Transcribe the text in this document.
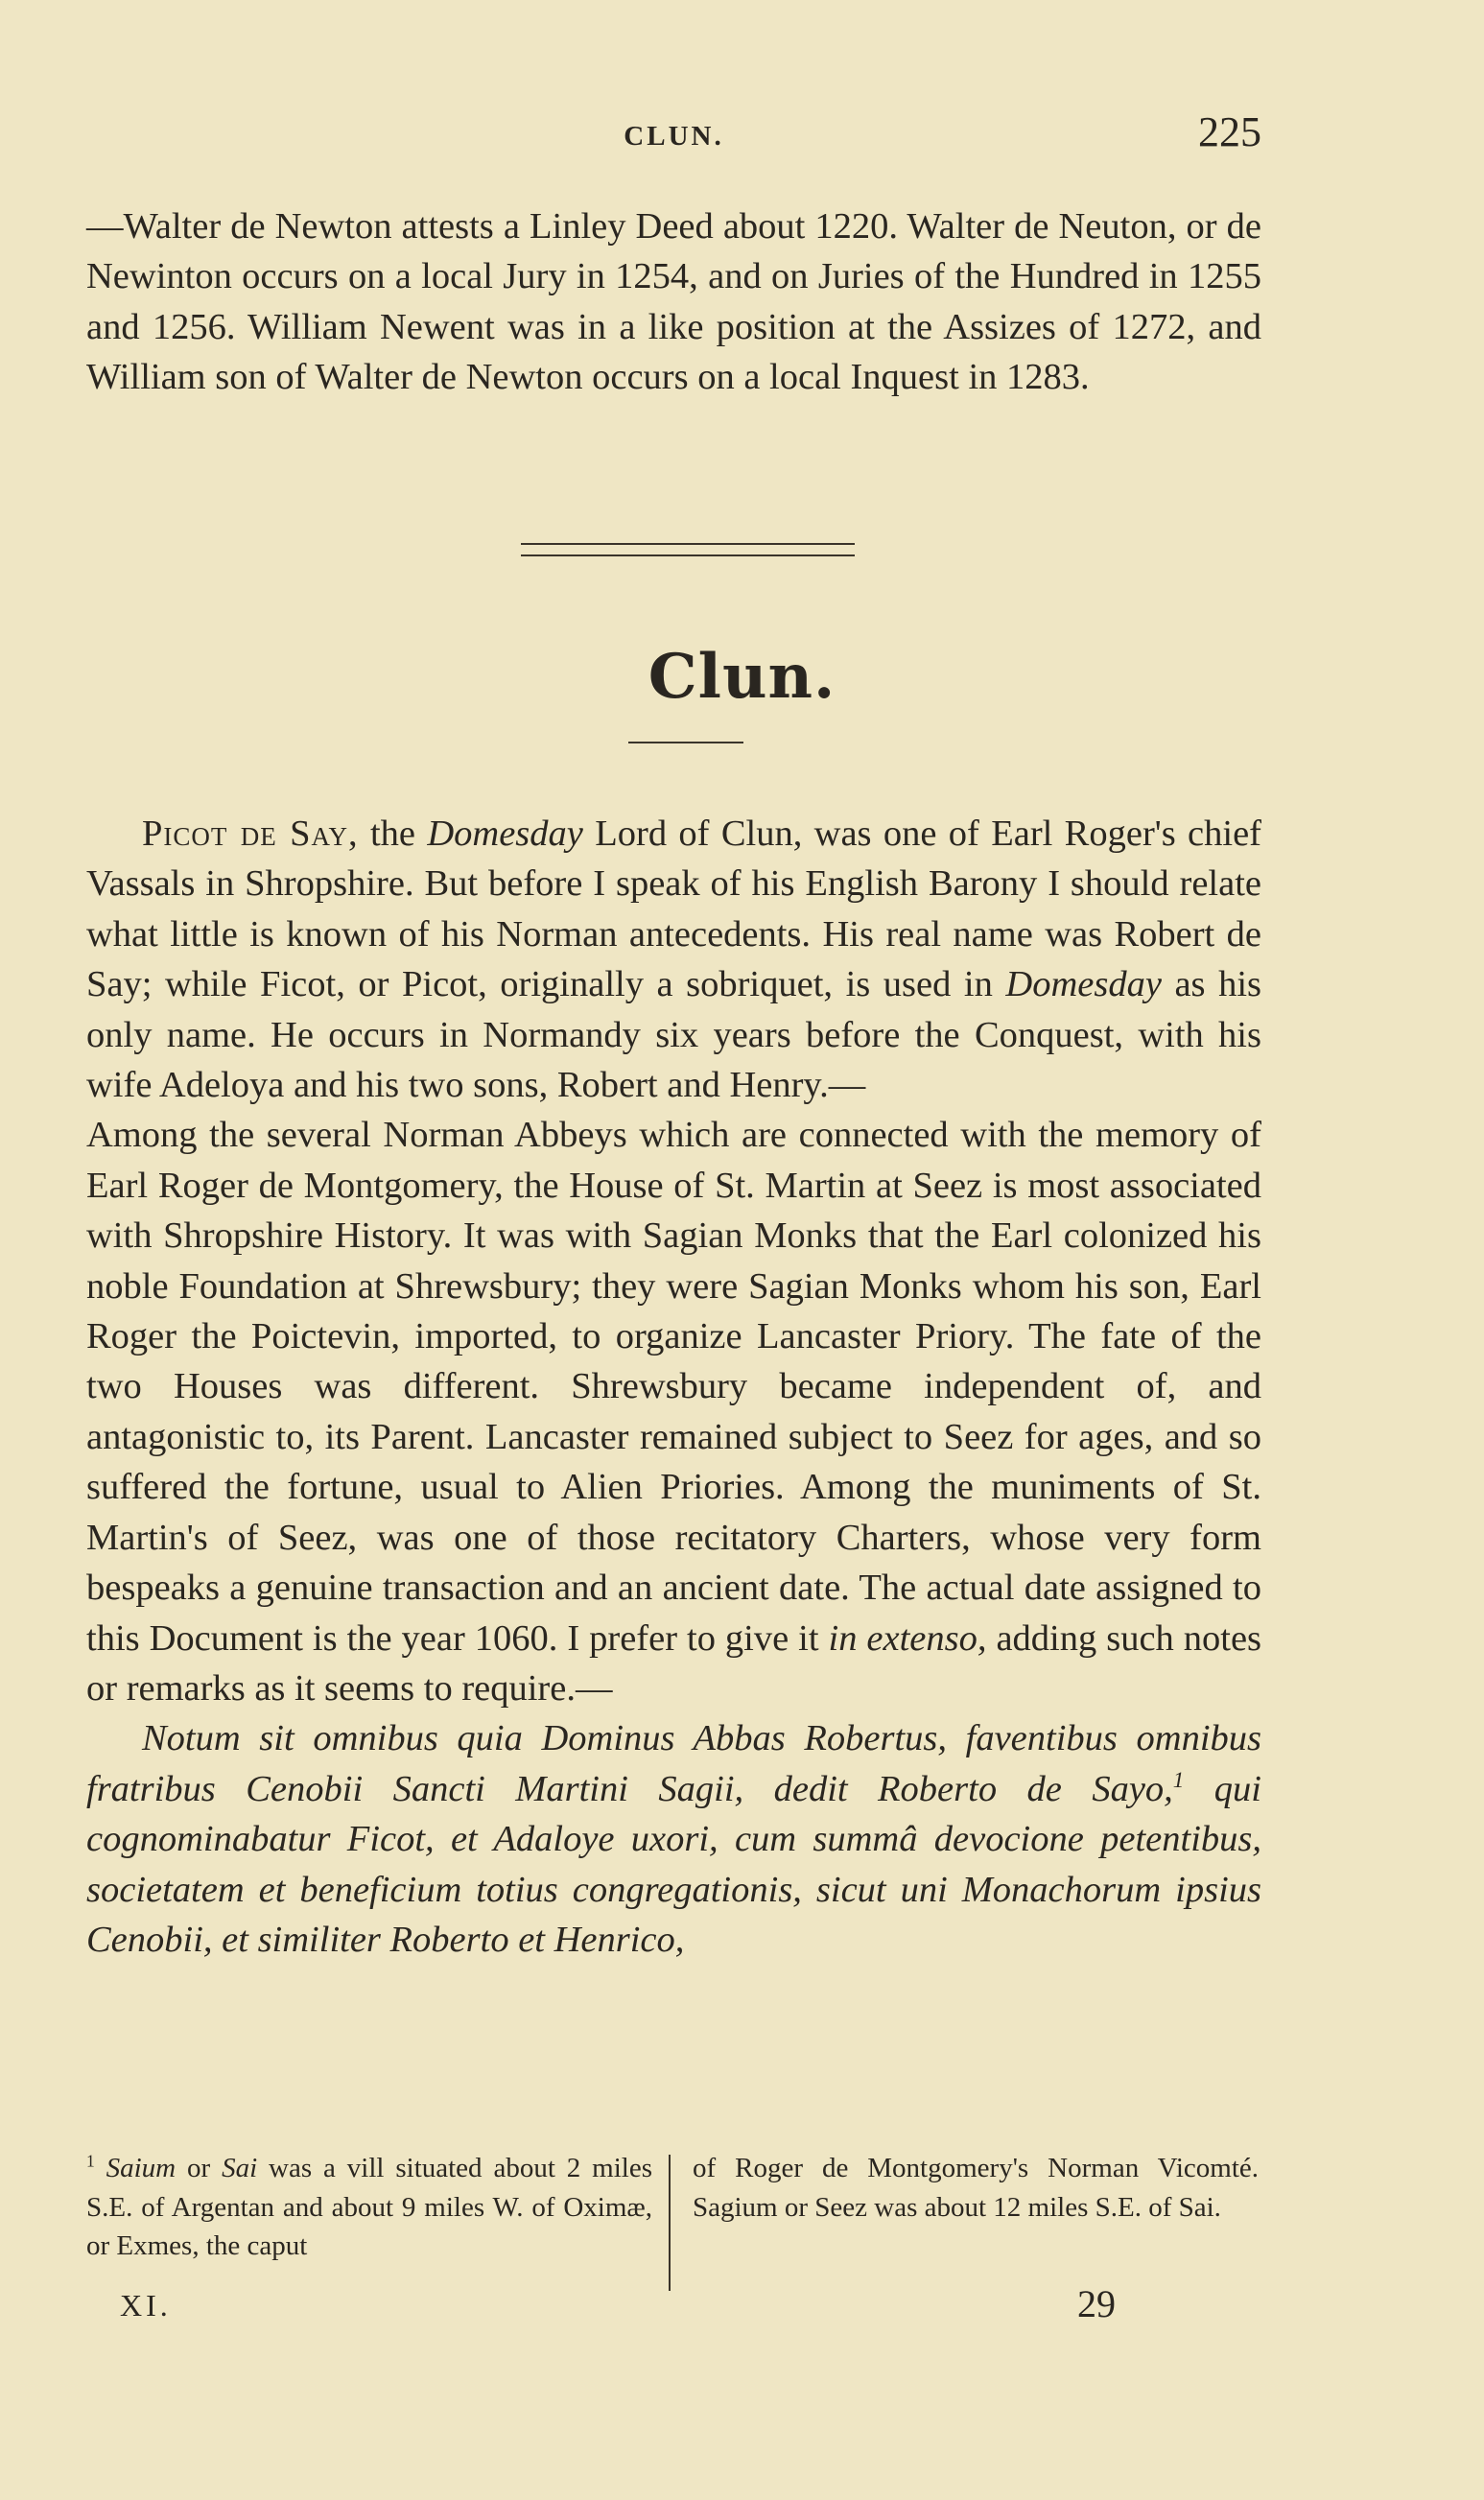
CLUN.	225

—Walter de Newton attests a Linley Deed about 1220. Walter de Neuton, or de Newinton occurs on a local Jury in 1254, and on Juries of the Hundred in 1255 and 1256. William Newent was in a like position at the Assizes of 1272, and William son of Walter de Newton occurs on a local Inquest in 1283.

Clun.

Picot de Say, the Domesday Lord of Clun, was one of Earl Roger's chief Vassals in Shropshire. But before I speak of his English Barony I should relate what little is known of his Norman antecedents. His real name was Robert de Say; while Ficot, or Picot, originally a sobriquet, is used in Domesday as his only name. He occurs in Normandy six years before the Conquest, with his wife Adeloya and his two sons, Robert and Henry.—

Among the several Norman Abbeys which are connected with the memory of Earl Roger de Montgomery, the House of St. Martin at Seez is most associated with Shropshire History. It was with Sagian Monks that the Earl colonized his noble Foundation at Shrewsbury; they were Sagian Monks whom his son, Earl Roger the Poictevin, imported, to organize Lancaster Priory. The fate of the two Houses was different. Shrewsbury became independent of, and antagonistic to, its Parent. Lancaster remained subject to Seez for ages, and so suffered the fortune, usual to Alien Priories. Among the muniments of St. Martin's of Seez, was one of those recitatory Charters, whose very form bespeaks a genuine transaction and an ancient date. The actual date assigned to this Document is the year 1060. I prefer to give it in extenso, adding such notes or remarks as it seems to require.—

Notum sit omnibus quia Dominus Abbas Robertus, faventibus omnibus fratribus Cenobii Sancti Martini Sagii, dedit Roberto de Sayo,$^1$ qui cognominabatur Ficot, et Adaloye uxori, cum summâ devocione petentibus, societatem et beneficium totius congregationis, sicut uni Monachorum ipsius Cenobii, et similiter Roberto et Henrico,

$^1$ Saium or Sai was a vill situated about 2 miles S.E. of Argentan and about 9 miles W. of Oximæ, or Exmes, the caput
of Roger de Montgomery's Norman Vicomté. Sagium or Seez was about 12 miles S.E. of Sai.
XI.	29
